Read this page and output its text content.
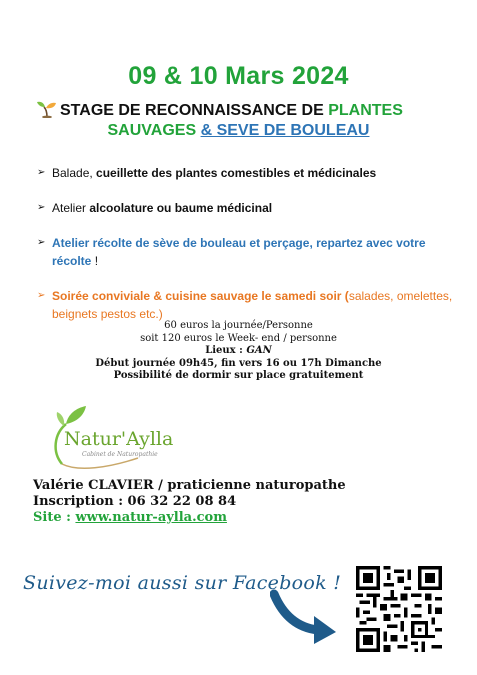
09 & 10 Mars 2024
STAGE DE RECONNAISSANCE DE PLANTES
SAUVAGES & SEVE DE BOULEAU
➢ Balade, cueillette des plantes comestibles et médicinales
➢ Atelier alcoolature ou baume médicinal
➢ Atelier récolte de sève de bouleau et perçage, repartez avec votre récolte !
➢ Soirée conviviale & cuisine sauvage le samedi soir (salades, omelettes, beignets pestos etc.)
60 euros la journée/Personne
soit 120 euros le Week- end / personne
Lieux : GAN
Début journée 09h45, fin vers 16 ou 17h Dimanche
Possibilité de dormir sur place gratuitement
Natur'Aylla
Cabinet de Naturopathie
Valérie CLAVIER / praticienne naturopathe
Inscription : 06 32 22 08 84
Site : www.natur-aylla.com
Suivez-moi aussi sur Facebook !
